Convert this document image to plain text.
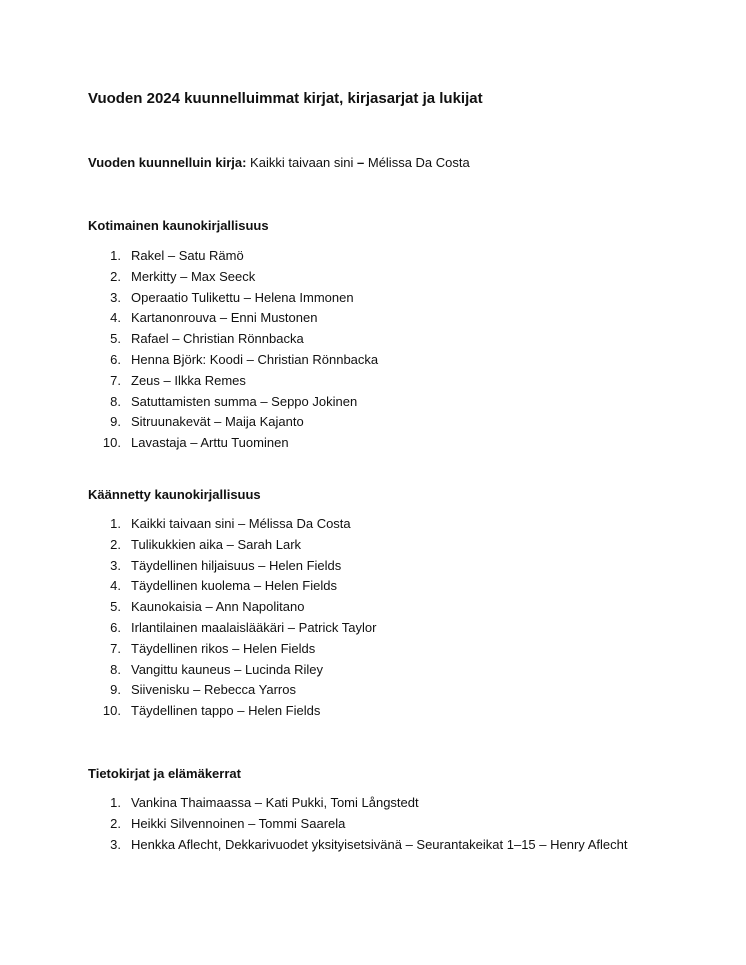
Vuoden 2024 kuunnelluimmat kirjat, kirjasarjat ja lukijat

Vuoden kuunnelluin kirja: Kaikki taivaan sini – Mélissa Da Costa

Kotimainen kaunokirjallisuus
1. Rakel – Satu Rämö
2. Merkitty – Max Seeck
3. Operaatio Tulikettu – Helena Immonen
4. Kartanonrouva – Enni Mustonen
5. Rafael – Christian Rönnbacka
6. Henna Björk: Koodi – Christian Rönnbacka
7. Zeus – Ilkka Remes
8. Satuttamisten summa – Seppo Jokinen
9. Sitruunakevät – Maija Kajanto
10. Lavastaja – Arttu Tuominen
Käännetty kaunokirjallisuus
1. Kaikki taivaan sini – Mélissa Da Costa
2. Tulikukkien aika – Sarah Lark
3. Täydellinen hiljaisuus – Helen Fields
4. Täydellinen kuolema – Helen Fields
5. Kaunokaisia – Ann Napolitano
6. Irlantilainen maalaislääkäri – Patrick Taylor
7. Täydellinen rikos – Helen Fields
8. Vangittu kauneus – Lucinda Riley
9. Siivenisku – Rebecca Yarros
10. Täydellinen tappo – Helen Fields
Tietokirjat ja elämäkerrat
1. Vankina Thaimaassa – Kati Pukki, Tomi Långstedt
2. Heikki Silvennoinen – Tommi Saarela
3. Henkka Aflecht, Dekkarivuodet yksityisetsivänä – Seurantakeikat 1–15 – Henry Aflecht
